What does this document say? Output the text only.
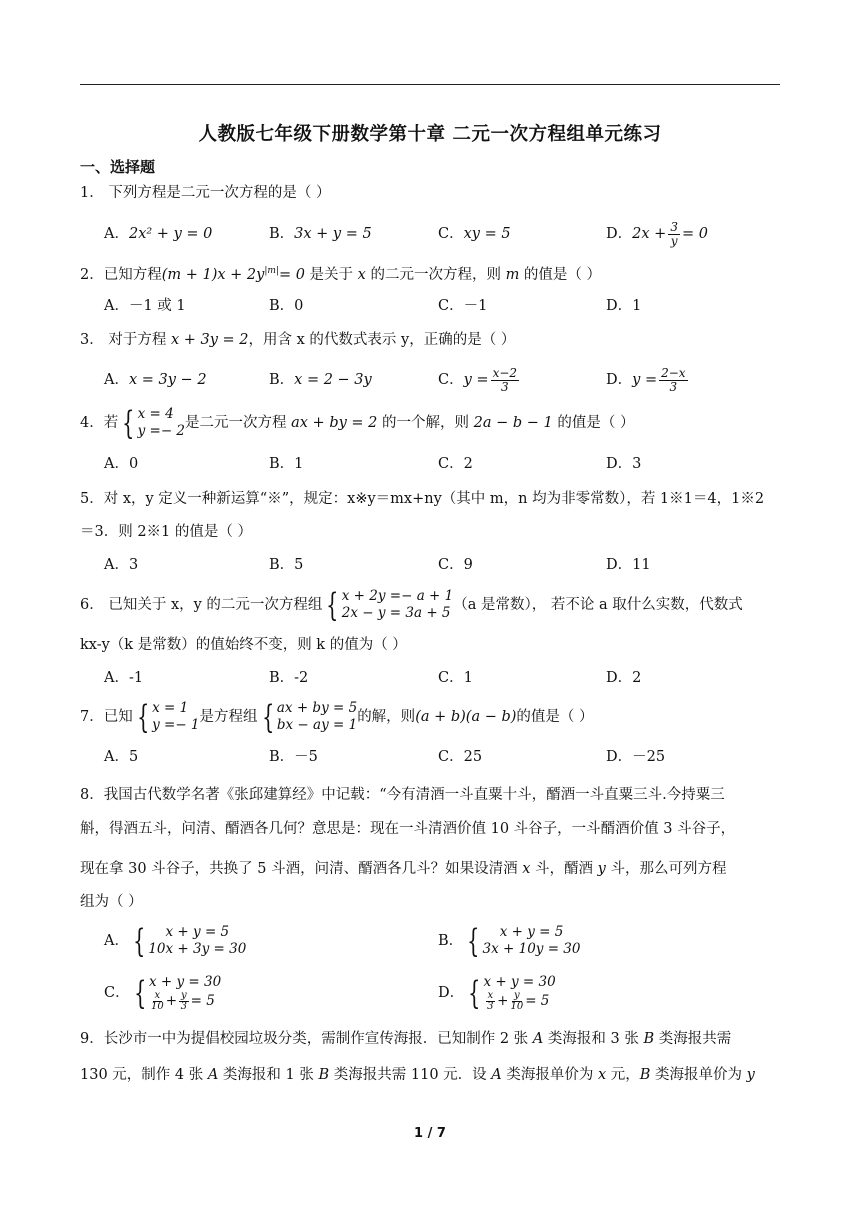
人教版七年级下册数学第十章 二元一次方程组单元练习
一、选择题
1． 下列方程是二元一次方程的是（ ）
A．2x² + y = 0	B．3x + y = 5	C．xy = 5	D．$2x + \frac{3}{y} = 0$
2．已知方程$(m + 1)x + 2y^{|m|}= 0$ 是关于 x 的二元一次方程，则 m 的值是（ ）
A．－1 或 1	B．0	C．－1	D．1
3． 对于方程 x + 3y = 2，用含 x 的代数式表示 y，正确的是（ ）
A．x = 3y − 2	B．x = 2 − 3y	C．$y = \frac{x-2}{3}$	D．$y = \frac{2-x}{3}$
4．若 { x = 4
y =− 2 是二元一次方程 ax + by = 2 的一个解，则 2a − b − 1 的值是（ ）
A．0	B．1	C．2	D．3
5．对 x，y 定义一种新运算“※”，规定：x※y＝mx+ny（其中 m，n 均为非零常数），若 1※1＝4，1※2
＝3．则 2※1 的值是（ ）
A．3	B．5	C．9	D．11
6． 已知关于 x，y 的二元一次方程组 { x + 2y =− a + 1
2x − y = 3a + 5 （a 是常数）， 若不论 a 取什么实数，代数式
kx-y（k 是常数）的值始终不变，则 k 的值为（ ）
A．-1	B．-2	C．1	D．2
7．已知 { x = 1
y =− 1 是方程组 { ax + by = 5
bx − ay = 1 的解，则(a + b)(a − b)的值是（ ）
A．5	B．－5	C．25	D．－25
8．我国古代数学名著《张邱建算经》中记载：“今有清酒一斗直粟十斗，醑酒一斗直粟三斗.今持粟三
斛，得酒五斗，问清、醑酒各几何？意思是：现在一斗清酒价值 10 斗谷子，一斗醑酒价值 3 斗谷子，
现在拿 30 斗谷子，共换了 5 斗酒，问清、醑酒各几斗？如果设清酒 x 斗，醑酒 y 斗，那么可列方程
组为（ ）
A． {	x + y = 5
10x + 3y = 30	B． {	x + y = 5
3x + 10y = 30
C． { x + y = 30
$\frac{x}{10} + \frac{y}{3} = 5$	D． { x + y = 30
$\frac{x}{3} + \frac{y}{10} = 5$
9．长沙市一中为提倡校园垃圾分类，需制作宣传海报．已知制作 2 张 A 类海报和 3 张 B 类海报共需
130 元，制作 4 张 A 类海报和 1 张 B 类海报共需 110 元．设 A 类海报单价为 x 元，B 类海报单价为 y
1 / 7
